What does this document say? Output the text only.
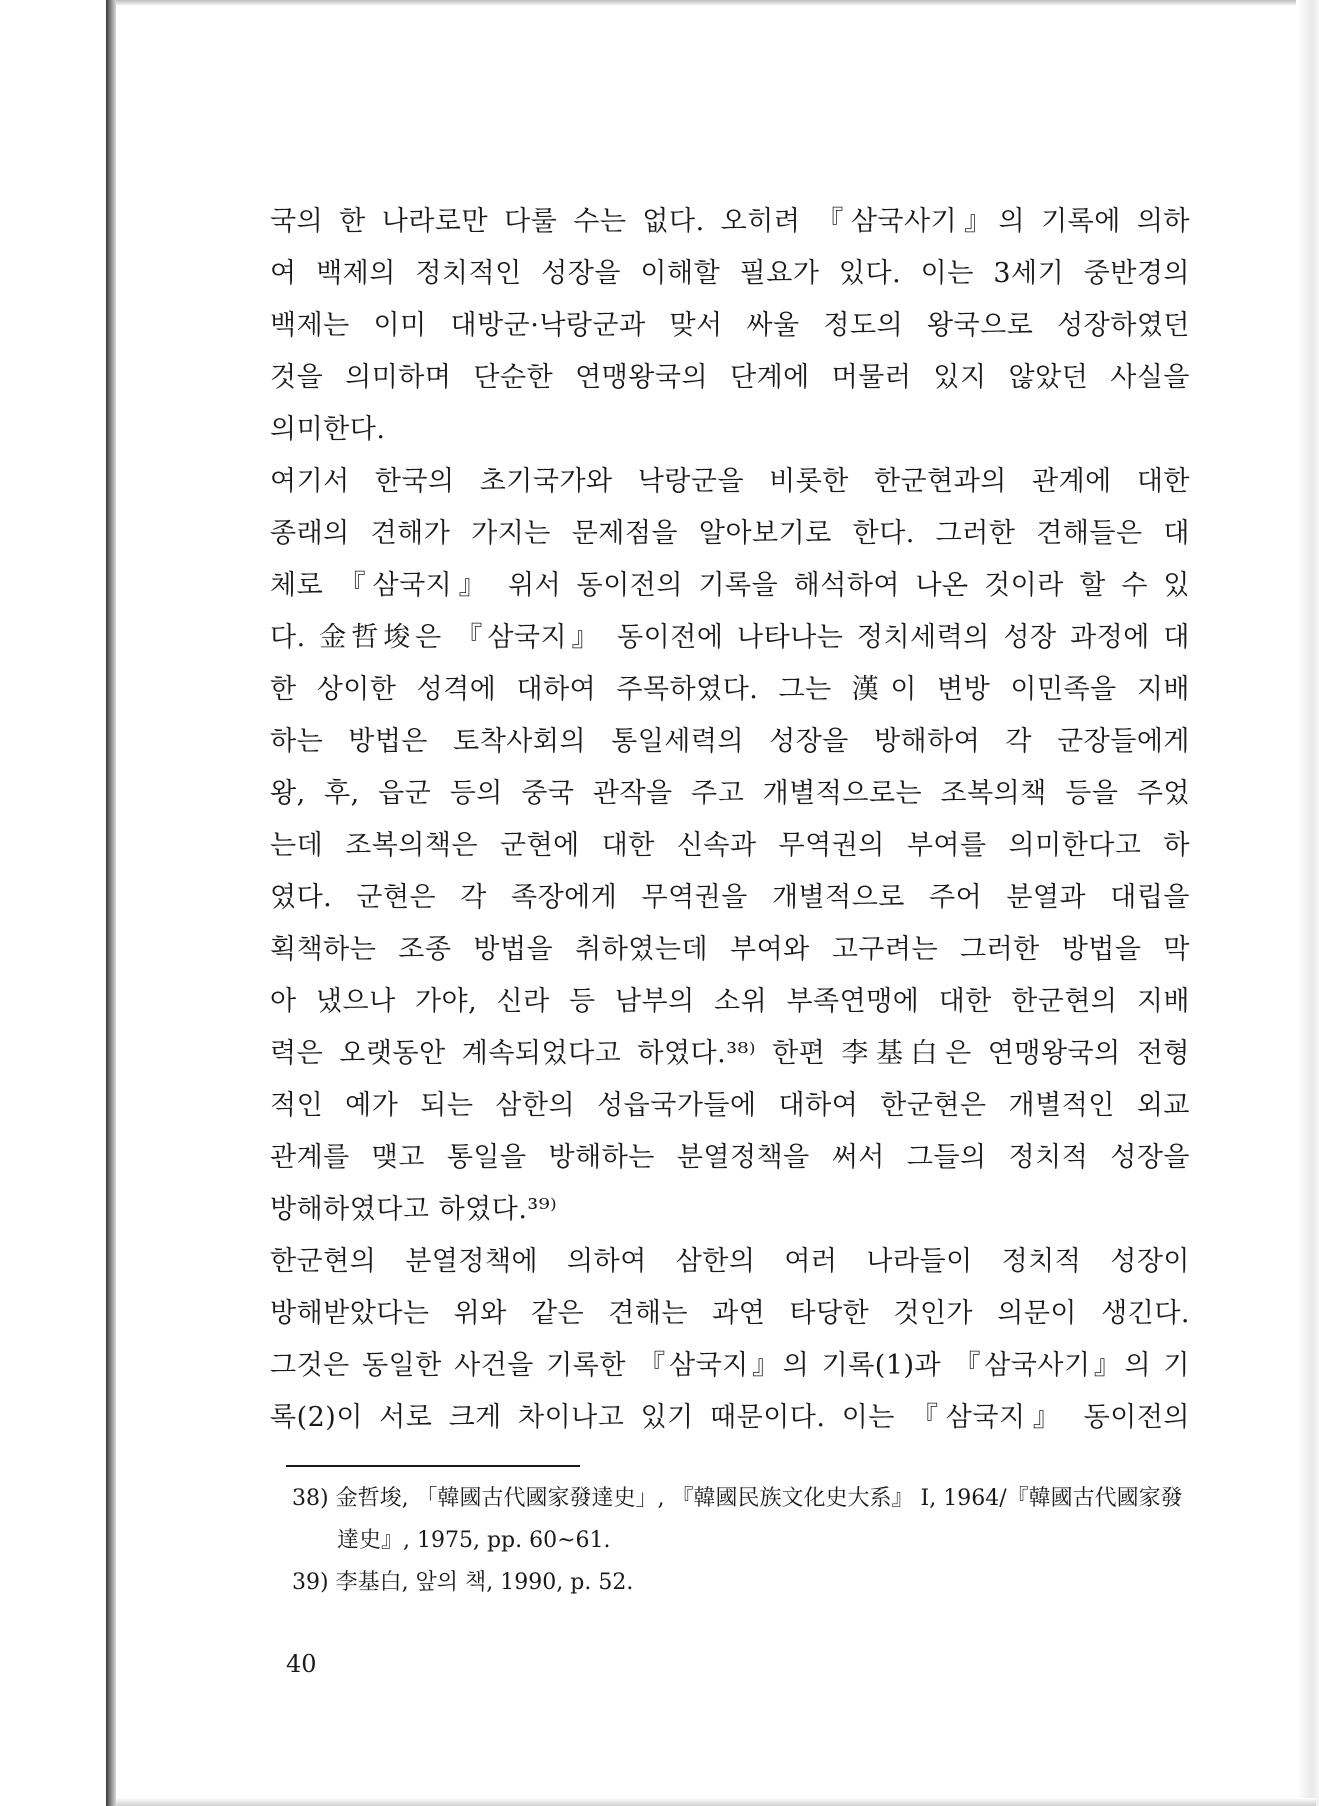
국의 한 나라로만 다룰 수는 없다. 오히려 『삼국사기』의 기록에 의하
여 백제의 정치적인 성장을 이해할 필요가 있다. 이는 3세기 중반경의
백제는 이미 대방군·낙랑군과 맞서 싸울 정도의 왕국으로 성장하였던
것을 의미하며 단순한 연맹왕국의 단계에 머물러 있지 않았던 사실을
의미한다.
여기서 한국의 초기국가와 낙랑군을 비롯한 한군현과의 관계에 대한
종래의 견해가 가지는 문제점을 알아보기로 한다. 그러한 견해들은 대
체로 『삼국지』 위서 동이전의 기록을 해석하여 나온 것이라 할 수 있
다. 金哲埈은 『삼국지』 동이전에 나타나는 정치세력의 성장 과정에 대
한 상이한 성격에 대하여 주목하였다. 그는 漢이 변방 이민족을 지배
하는 방법은 토착사회의 통일세력의 성장을 방해하여 각 군장들에게
왕, 후, 읍군 등의 중국 관작을 주고 개별적으로는 조복의책 등을 주었
는데 조복의책은 군현에 대한 신속과 무역권의 부여를 의미한다고 하
였다. 군현은 각 족장에게 무역권을 개별적으로 주어 분열과 대립을
획책하는 조종 방법을 취하였는데 부여와 고구려는 그러한 방법을 막
아 냈으나 가야, 신라 등 남부의 소위 부족연맹에 대한 한군현의 지배
력은 오랫동안 계속되었다고 하였다.³⁸⁾ 한편 李基白은 연맹왕국의 전형
적인 예가 되는 삼한의 성읍국가들에 대하여 한군현은 개별적인 외교
관계를 맺고 통일을 방해하는 분열정책을 써서 그들의 정치적 성장을
방해하였다고 하였다.³⁹⁾
한군현의 분열정책에 의하여 삼한의 여러 나라들이 정치적 성장이
방해받았다는 위와 같은 견해는 과연 타당한 것인가 의문이 생긴다.
그것은 동일한 사건을 기록한 『삼국지』의 기록(1)과 『삼국사기』의 기
록(2)이 서로 크게 차이나고 있기 때문이다. 이는 『삼국지』 동이전의
38) 金哲埈, 「韓國古代國家發達史」, 『韓國民族文化史大系』 I, 1964/『韓國古代國家發
達史』, 1975, pp. 60~61.
39) 李基白, 앞의 책, 1990, p. 52.
40
